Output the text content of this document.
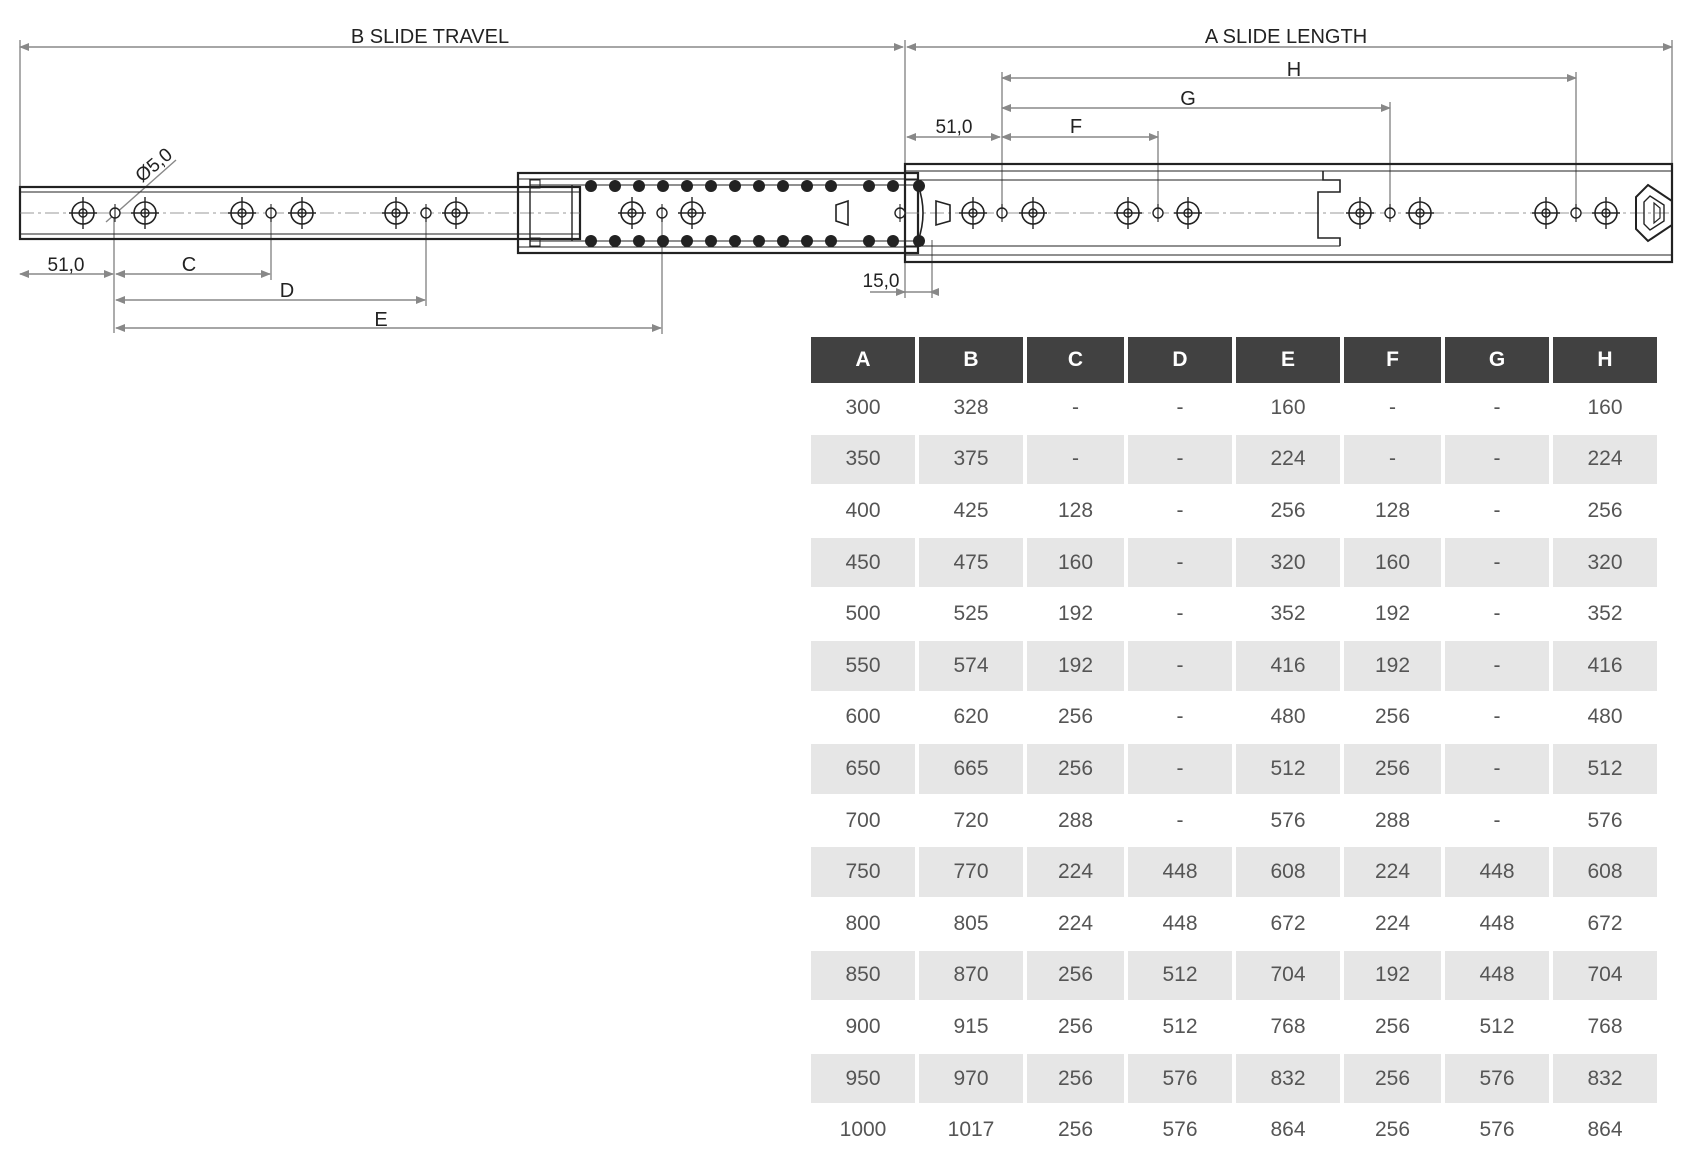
B SLIDE TRAVEL	A SLIDE LENGTH
H
G
F
51,0
51,0	C
D
E
15,0
Ø5,0
A	B	C	D	E	F	G	H
300	328	-	-	160	-	-	160
350	375	-	-	224	-	-	224
400	425	128	-	256	128	-	256
450	475	160	-	320	160	-	320
500	525	192	-	352	192	-	352
550	574	192	-	416	192	-	416
600	620	256	-	480	256	-	480
650	665	256	-	512	256	-	512
700	720	288	-	576	288	-	576
750	770	224	448	608	224	448	608
800	805	224	448	672	224	448	672
850	870	256	512	704	192	448	704
900	915	256	512	768	256	512	768
950	970	256	576	832	256	576	832
1000	1017	256	576	864	256	576	864
